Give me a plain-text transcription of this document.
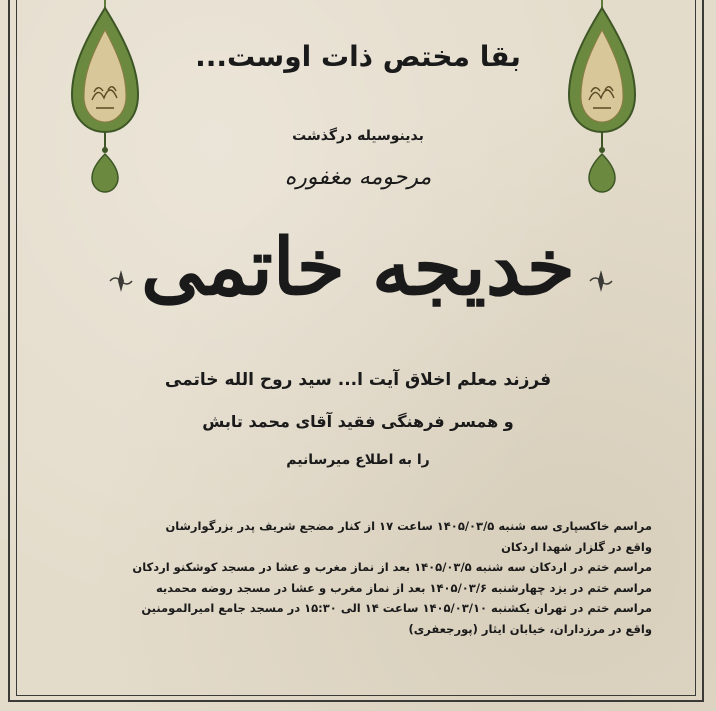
بقا مختص ذات اوست...
بدینوسیله درگذشت
مرحومه مغفوره
خدیجه خاتمی
فرزند معلم اخلاق آیت ا... سید روح الله خاتمی
و همسر فرهنگی فقید آقای محمد تابش
را به اطلاع میرسانیم
مراسم خاکسپاری سه شنبه ۱۴۰۵/۰۳/۵ ساعت ۱۷ از کنار مضجع شریف پدر بزرگوارشان
واقع در گلزار شهدا اردکان
مراسم ختم در اردکان سه شنبه ۱۴۰۵/۰۳/۵ بعد از نماز مغرب و عشا در مسجد کوشکنو اردکان
مراسم ختم در یزد چهارشنبه ۱۴۰۵/۰۳/۶ بعد از نماز مغرب و عشا در مسجد روضه محمدیه
مراسم ختم در تهران یکشنبه ۱۴۰۵/۰۳/۱۰ ساعت ۱۴ الی ۱۵:۳۰ در مسجد جامع امیرالمومنین
واقع در مرزداران، خیابان ایثار (پورجعفری)
